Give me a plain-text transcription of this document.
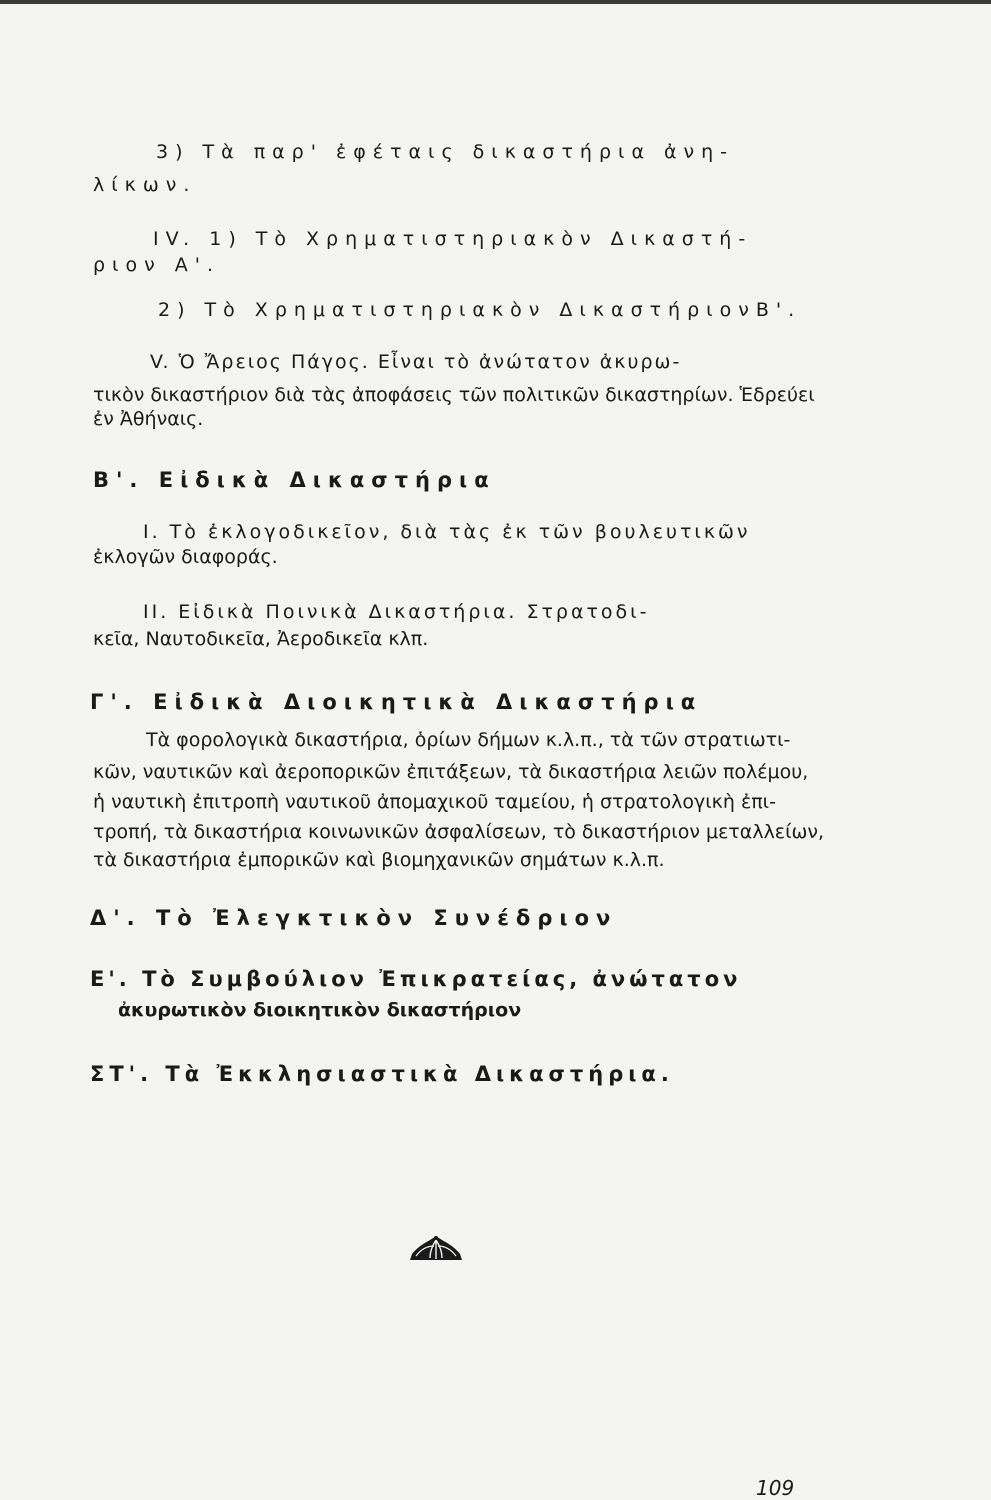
3) Τὰ παρ' ἐφέταις δικαστήρια ἀνη-
λίκων.
IV. 1) Τὸ Χρηματιστηριακὸν Δικαστή-
ριον Α'.
2) Τὸ Χρηματιστηριακὸν ΔικαστήριονΒ'.
V. Ὁ Ἄρειος Πάγος. Εἶναι τὸ ἀνώτατον ἀκυρω-
τικὸν δικαστήριον διὰ τὰς ἀποφάσεις τῶν πολιτικῶν δικαστηρίων. Ἑδρεύει
ἐν Ἀθήναις.
Β'. Εἰδικὰ Δικαστήρια
I. Τὸ ἐκλογοδικεῖον, διὰ τὰς ἐκ τῶν βουλευτικῶν
ἐκλογῶν διαφοράς.
II. Εἰδικὰ Ποινικὰ Δικαστήρια. Στρατοδι-
κεῖα, Ναυτοδικεῖα, Ἀεροδικεῖα κλπ.
Γ'. Εἰδικὰ Διοικητικὰ Δικαστήρια
Τὰ φορολογικὰ δικαστήρια, ὁρίων δήμων κ.λ.π., τὰ τῶν στρατιωτι-
κῶν, ναυτικῶν καὶ ἀεροπορικῶν ἐπιτάξεων, τὰ δικαστήρια λειῶν πολέμου,
ἡ ναυτικὴ ἐπιτροπὴ ναυτικοῦ ἀπομαχικοῦ ταμείου, ἡ στρατολογικὴ ἐπι-
τροπή, τὰ δικαστήρια κοινωνικῶν ἀσφαλίσεων, τὸ δικαστήριον μεταλλείων,
τὰ δικαστήρια ἐμπορικῶν καὶ βιομηχανικῶν σημάτων κ.λ.π.
Δ'. Τὸ Ἐλεγκτικὸν Συνέδριον
Ε'. Τὸ Συμβούλιον Ἐπικρατείας, ἀνώτατον
ἀκυρωτικὸν διοικητικὸν δικαστήριον
ΣΤ'. Τὰ Ἐκκλησιαστικὰ Δικαστήρια.
109
